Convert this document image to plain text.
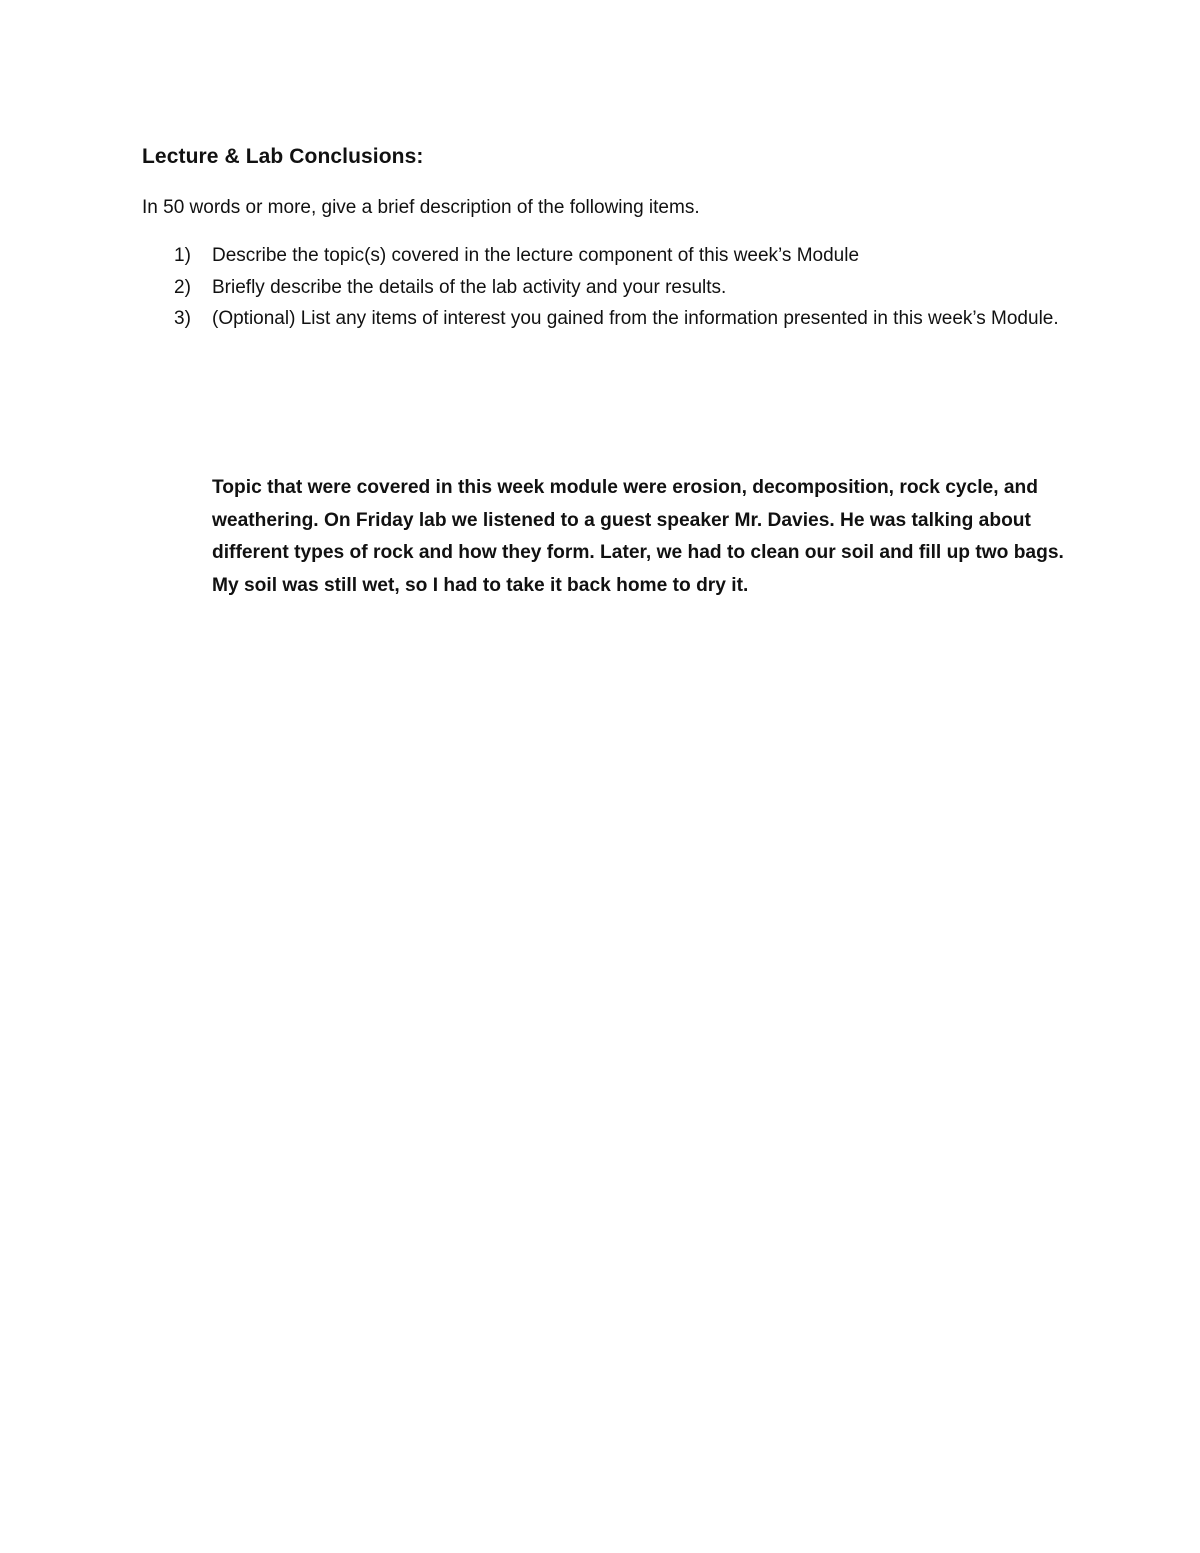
Lecture & Lab Conclusions:

In 50 words or more, give a brief description of the following items.

1)	Describe the topic(s) covered in the lecture component of this week’s Module
2)	Briefly describe the details of the lab activity and your results.
3)	(Optional) List any items of interest you gained from the information presented in this week’s Module.

Topic that were covered in this week module were erosion, decomposition, rock cycle, and weathering. On Friday lab we listened to a guest speaker Mr. Davies. He was talking about different types of rock and how they form. Later, we had to clean our soil and fill up two bags. My soil was still wet, so I had to take it back home to dry it.
